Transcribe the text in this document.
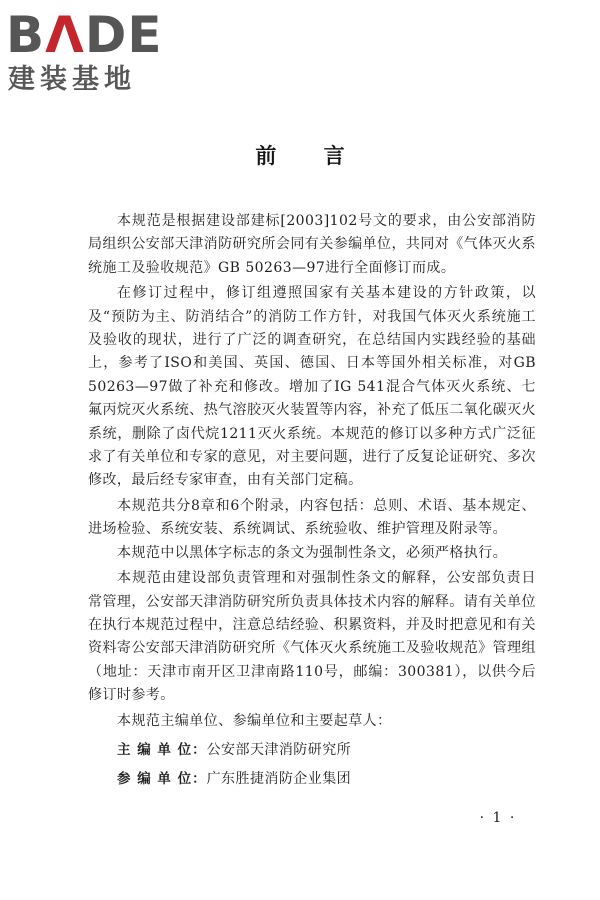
BΛDE
建装基地
前 言

本规范是根据建设部建标[2003]102号文的要求，由公安部消防局组织公安部天津消防研究所会同有关参编单位，共同对《气体灭火系统施工及验收规范》GB 50263—97进行全面修订而成。

在修订过程中，修订组遵照国家有关基本建设的方针政策，以及“预防为主、防消结合”的消防工作方针，对我国气体灭火系统施工及验收的现状，进行了广泛的调查研究，在总结国内实践经验的基础上，参考了ISO和美国、英国、德国、日本等国外相关标准，对GB 50263—97做了补充和修改。增加了IG 541混合气体灭火系统、七氟丙烷灭火系统、热气溶胶灭火装置等内容，补充了低压二氧化碳灭火系统，删除了卤代烷1211灭火系统。本规范的修订以多种方式广泛征求了有关单位和专家的意见，对主要问题，进行了反复论证研究、多次修改，最后经专家审查，由有关部门定稿。

本规范共分8章和6个附录，内容包括：总则、术语、基本规定、进场检验、系统安装、系统调试、系统验收、维护管理及附录等。

本规范中以黑体字标志的条文为强制性条文，必须严格执行。

本规范由建设部负责管理和对强制性条文的解释，公安部负责日常管理，公安部天津消防研究所负责具体技术内容的解释。请有关单位在执行本规范过程中，注意总结经验、积累资料，并及时把意见和有关资料寄公安部天津消防研究所《气体灭火系统施工及验收规范》管理组（地址：天津市南开区卫津南路110号，邮编：300381），以供今后修订时参考。

本规范主编单位、参编单位和主要起草人：

主 编 单 位：公安部天津消防研究所

参 编 单 位：广东胜捷消防企业集团

· 1 ·
